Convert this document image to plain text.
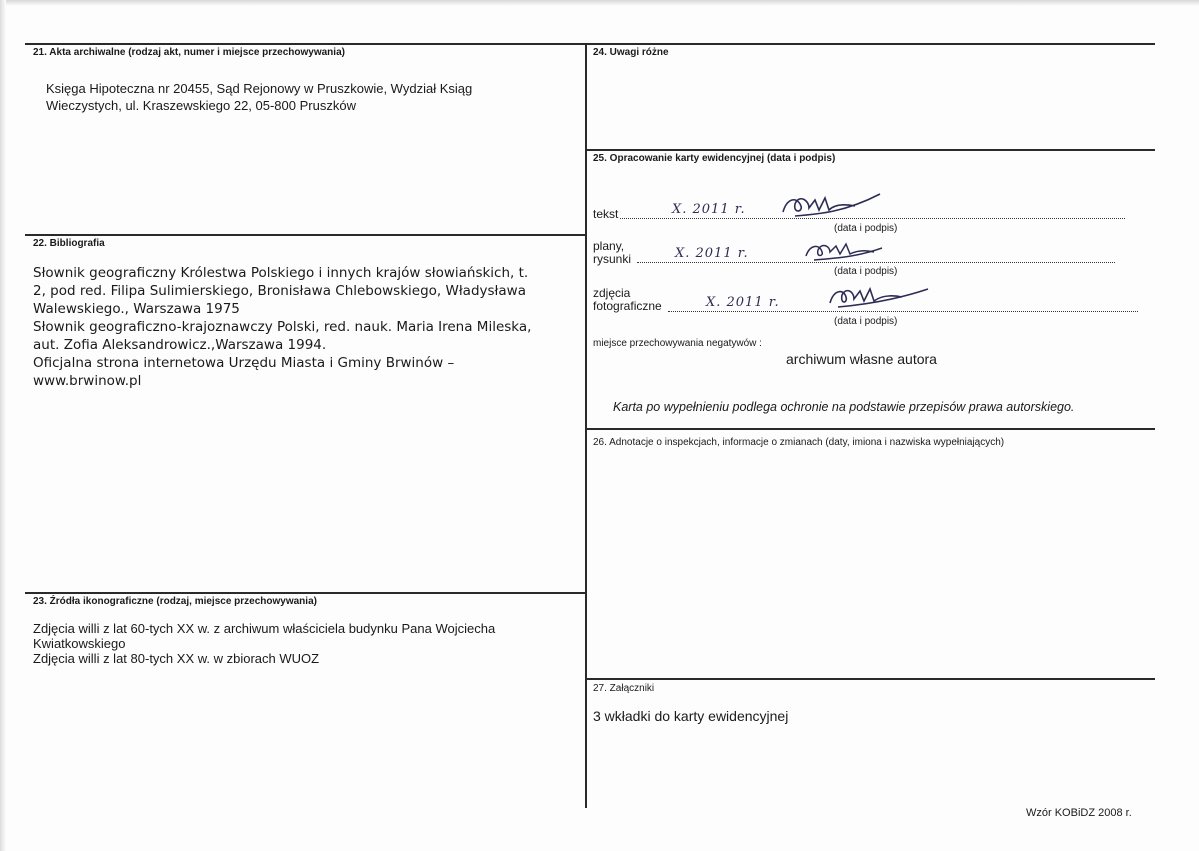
21. Akta archiwalne (rodzaj akt, numer i miejsce przechowywania)
Księga Hipoteczna nr 20455, Sąd Rejonowy w Pruszkowie, Wydział Ksiąg
Wieczystych, ul. Kraszewskiego 22, 05-800 Pruszków
22. Bibliografia
Słownik geograficzny Królestwa Polskiego i innych krajów słowiańskich, t.
2, pod red. Filipa Sulimierskiego, Bronisława Chlebowskiego, Władysława
Walewskiego., Warszawa 1975
Słownik geograficzno-krajoznawczy Polski, red. nauk. Maria Irena Mileska,
aut. Zofia Aleksandrowicz.,Warszawa 1994.
Oficjalna strona internetowa Urzędu Miasta i Gminy Brwinów –
www.brwinow.pl
23. Źródła ikonograficzne (rodzaj, miejsce przechowywania)
Zdjęcia willi z lat 60-tych XX w. z archiwum właściciela budynku Pana Wojciecha
Kwiatkowskiego
Zdjęcia willi z lat 80-tych XX w. w zbiorach WUOZ
24. Uwagi różne
25. Opracowanie karty ewidencyjnej (data i podpis)
tekst	X. 2011 r.
(data i podpis)
plany,
rysunki	X. 2011 r.
(data i podpis)
zdjęcia
fotograficzne	X. 2011 r.
(data i podpis)
miejsce przechowywania negatywów :
archiwum własne autora
Karta po wypełnieniu podlega ochronie na podstawie przepisów prawa autorskiego.
26. Adnotacje o inspekcjach, informacje o zmianach (daty, imiona i nazwiska wypełniających)
27. Załączniki
3 wkładki do karty ewidencyjnej
Wzór KOBiDZ 2008 r.
